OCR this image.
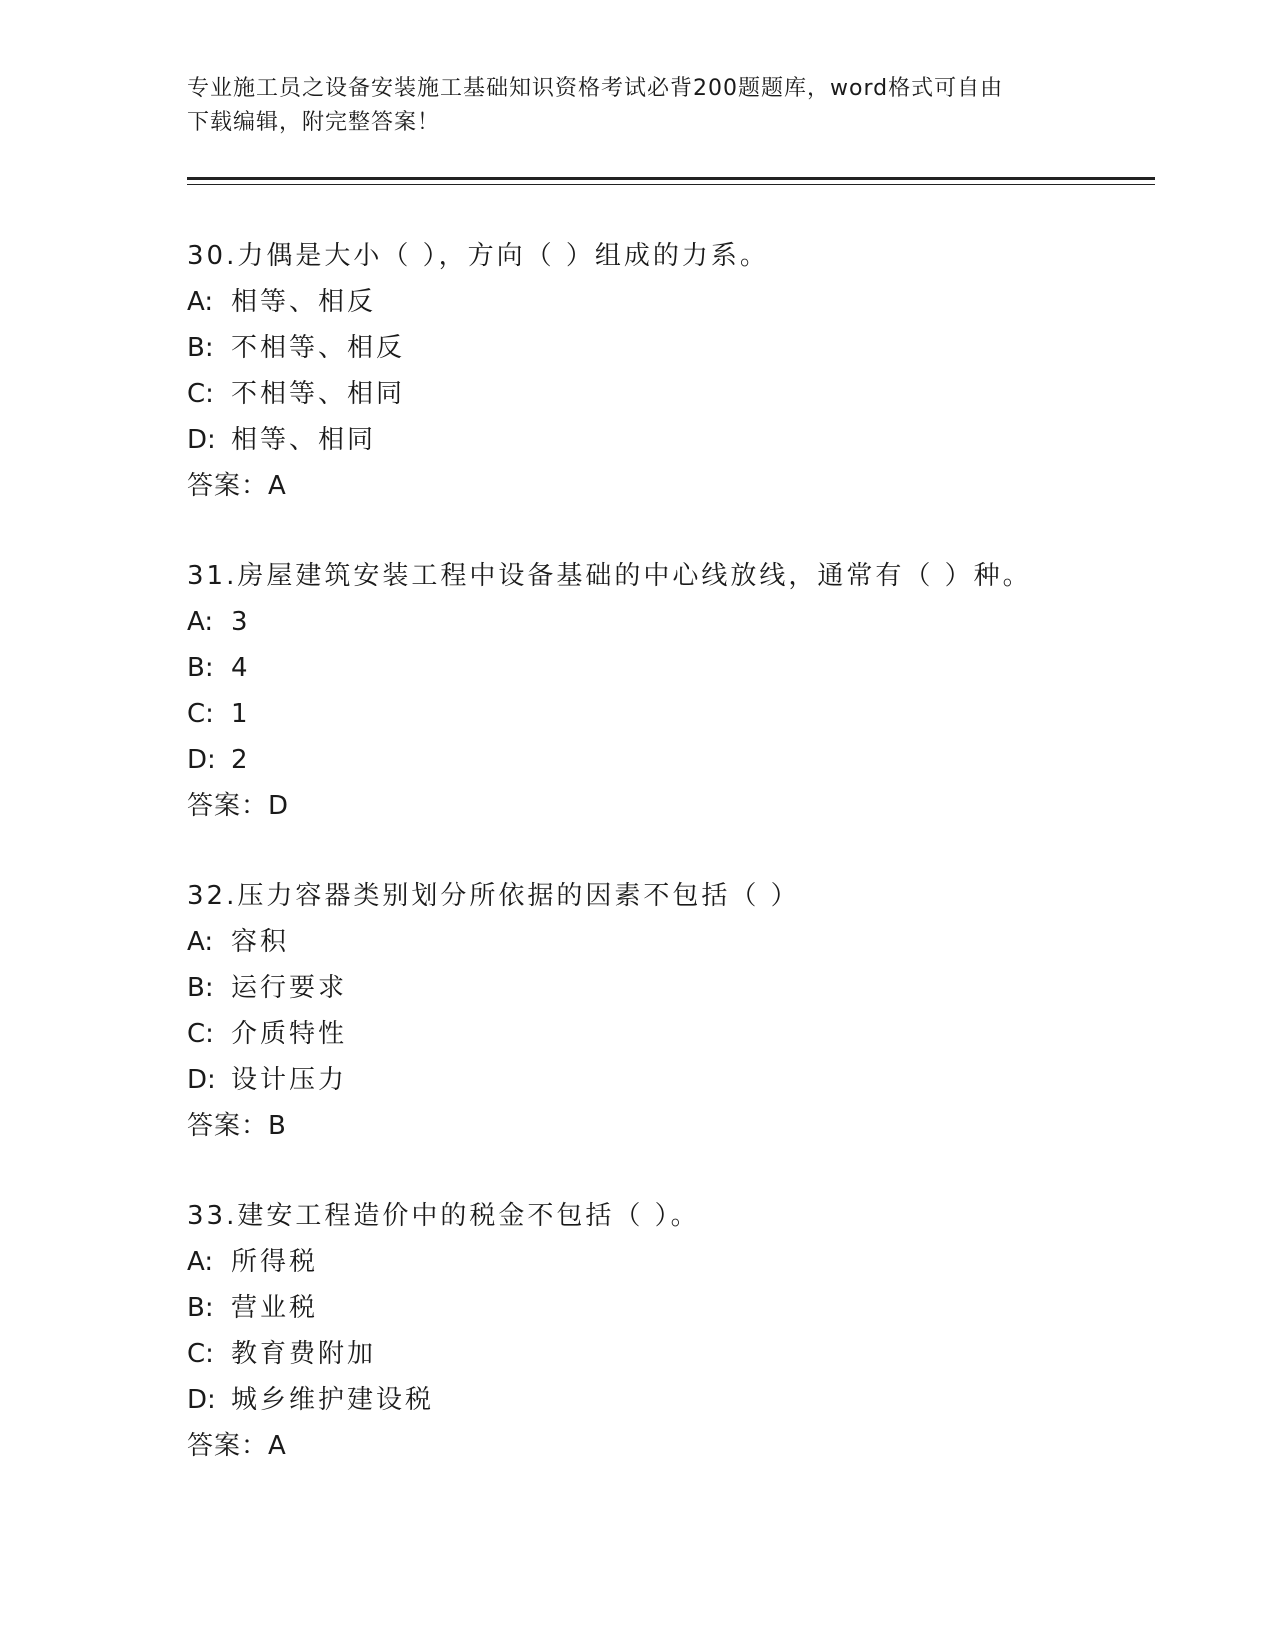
专业施工员之设备安装施工基础知识资格考试必背200题题库，word格式可自由
下载编辑，附完整答案！
30.力偶是大小（ ），方向（ ）组成的力系。
A: 相等、相反
B: 不相等、相反
C: 不相等、相同
D: 相等、相同
答案：A
31.房屋建筑安装工程中设备基础的中心线放线，通常有（ ）种。
A: 3
B: 4
C: 1
D: 2
答案：D
32.压力容器类别划分所依据的因素不包括（ ）
A: 容积
B: 运行要求
C: 介质特性
D: 设计压力
答案：B
33.建安工程造价中的税金不包括（ ）。
A: 所得税
B: 营业税
C: 教育费附加
D: 城乡维护建设税
答案：A
